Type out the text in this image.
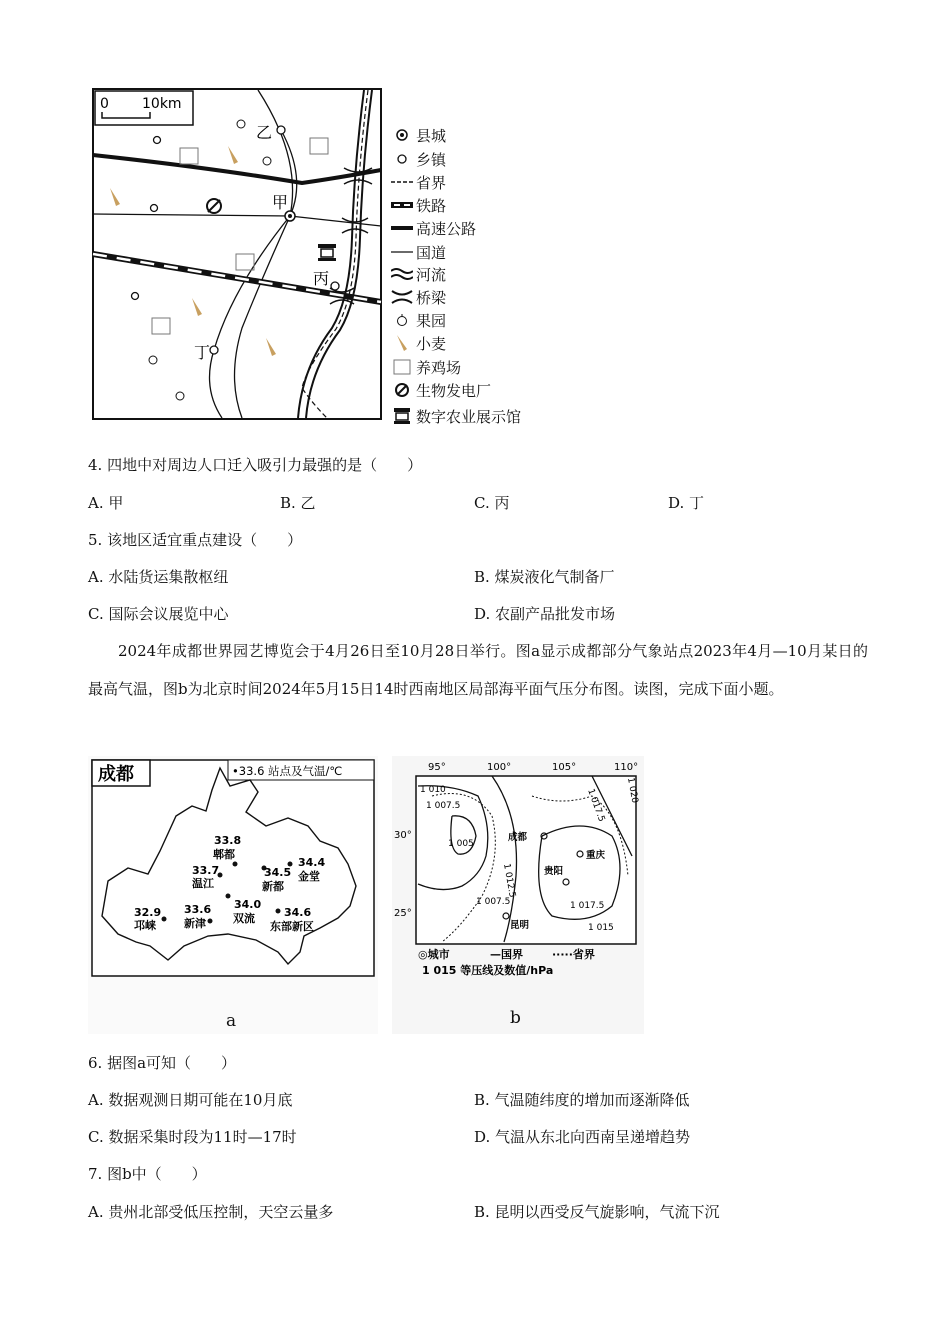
0 10km
乙
甲
丙
丁
县城
乡镇
省界
铁路
高速公路
国道
河流
桥梁
果园
小麦
养鸡场
生物发电厂
数字农业展示馆
4. 四地中对周边人口迁入吸引力最强的是（　　）
A. 甲	B. 乙	C. 丙	D. 丁
5. 该地区适宜重点建设（　　）
A. 水陆货运集散枢纽	B. 煤炭液化气制备厂
C. 国际会议展览中心	D. 农副产品批发市场
2024年成都世界园艺博览会于4月26日至10月28日举行。图a显示成都部分气象站点2023年4月—10月某日的最高气温，图b为北京时间2024年5月15日14时西南地区局部海平面气压分布图。读图，完成下面小题。
成都	•33.6 站点及气温/℃
33.8
郫都
33.7
温江
34.5
新都
34.4
金堂
34.0
双流
33.6
新津
34.6
东部新区
32.9
邛崃
a
95°	100°	105°	110°
30°
25°
成都
重庆
贵阳
昆明
1 010
1 007.5
1 005
1 012.5
1 017.5
1 017.5
1 015
1 007.5
1 020
◎城市	—国界	·····省界
1 015 等压线及数值/hPa
b
6. 据图a可知（　　）
A. 数据观测日期可能在10月底	B. 气温随纬度的增加而逐渐降低
C. 数据采集时段为11时—17时	D. 气温从东北向西南呈递增趋势
7. 图b中（　　）
A. 贵州北部受低压控制，天空云量多	B. 昆明以西受反气旋影响，气流下沉
